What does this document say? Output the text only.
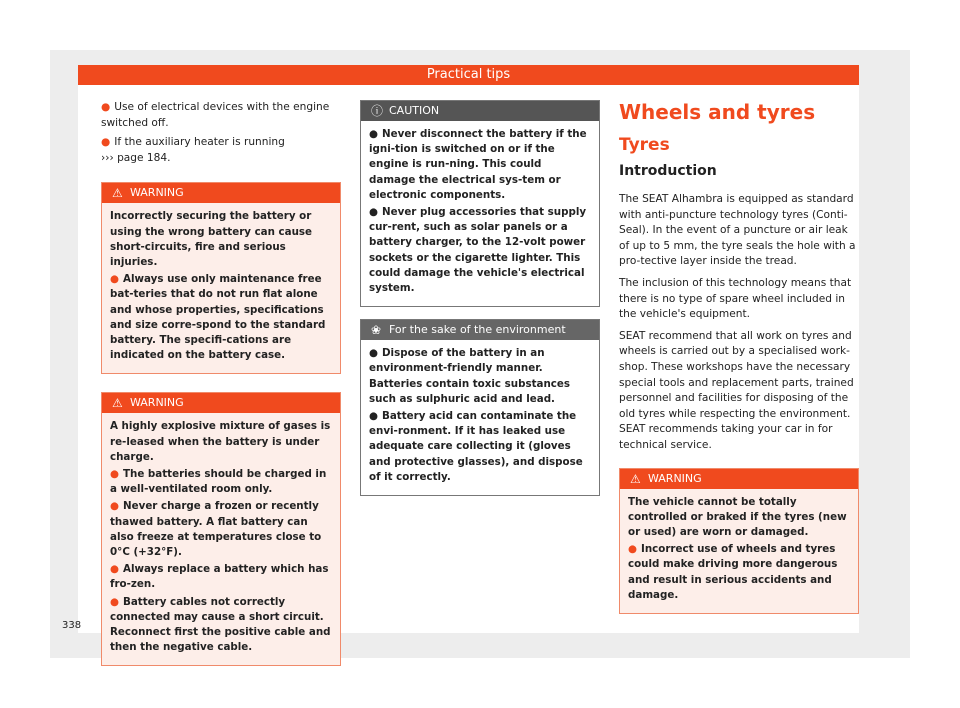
Practical tips

● Use of electrical devices with the engine switched off.

● If the auxiliary heater is running
››› page 184.

⚠ WARNING

Incorrectly securing the battery or using the wrong battery can cause short-circuits, fire and serious injuries.

● Always use only maintenance free bat-teries that do not run flat alone and whose properties, specifications and size corre-spond to the standard battery. The specifi-cations are indicated on the battery case.

⚠ WARNING

A highly explosive mixture of gases is re-leased when the battery is under charge.

● The batteries should be charged in a well-ventilated room only.

● Never charge a frozen or recently thawed battery. A flat battery can also freeze at temperatures close to 0°C (+32°F).

● Always replace a battery which has fro-zen.

● Battery cables not correctly connected may cause a short circuit. Reconnect first the positive cable and then the negative cable.

ⓘ CAUTION

● Never disconnect the battery if the igni-tion is switched on or if the engine is run-ning. This could damage the electrical sys-tem or electronic components.

● Never plug accessories that supply cur-rent, such as solar panels or a battery charger, to the 12-volt power sockets or the cigarette lighter. This could damage the vehicle's electrical system.

❀ For the sake of the environment

● Dispose of the battery in an environment-friendly manner. Batteries contain toxic substances such as sulphuric acid and lead.

● Battery acid can contaminate the envi-ronment. If it has leaked use adequate care collecting it (gloves and protective glasses), and dispose of it correctly.

Wheels and tyres
Tyres
Introduction

The SEAT Alhambra is equipped as standard with anti-puncture technology tyres (Conti-Seal). In the event of a puncture or air leak of up to 5 mm, the tyre seals the hole with a pro-tective layer inside the tread.

The inclusion of this technology means that there is no type of spare wheel included in the vehicle's equipment.

SEAT recommend that all work on tyres and wheels is carried out by a specialised work-shop. These workshops have the necessary special tools and replacement parts, trained personnel and facilities for disposing of the old tyres while respecting the environment. SEAT recommends taking your car in for technical service.

⚠ WARNING

The vehicle cannot be totally controlled or braked if the tyres (new or used) are worn or damaged.

● Incorrect use of wheels and tyres could make driving more dangerous and result in serious accidents and damage.

338
